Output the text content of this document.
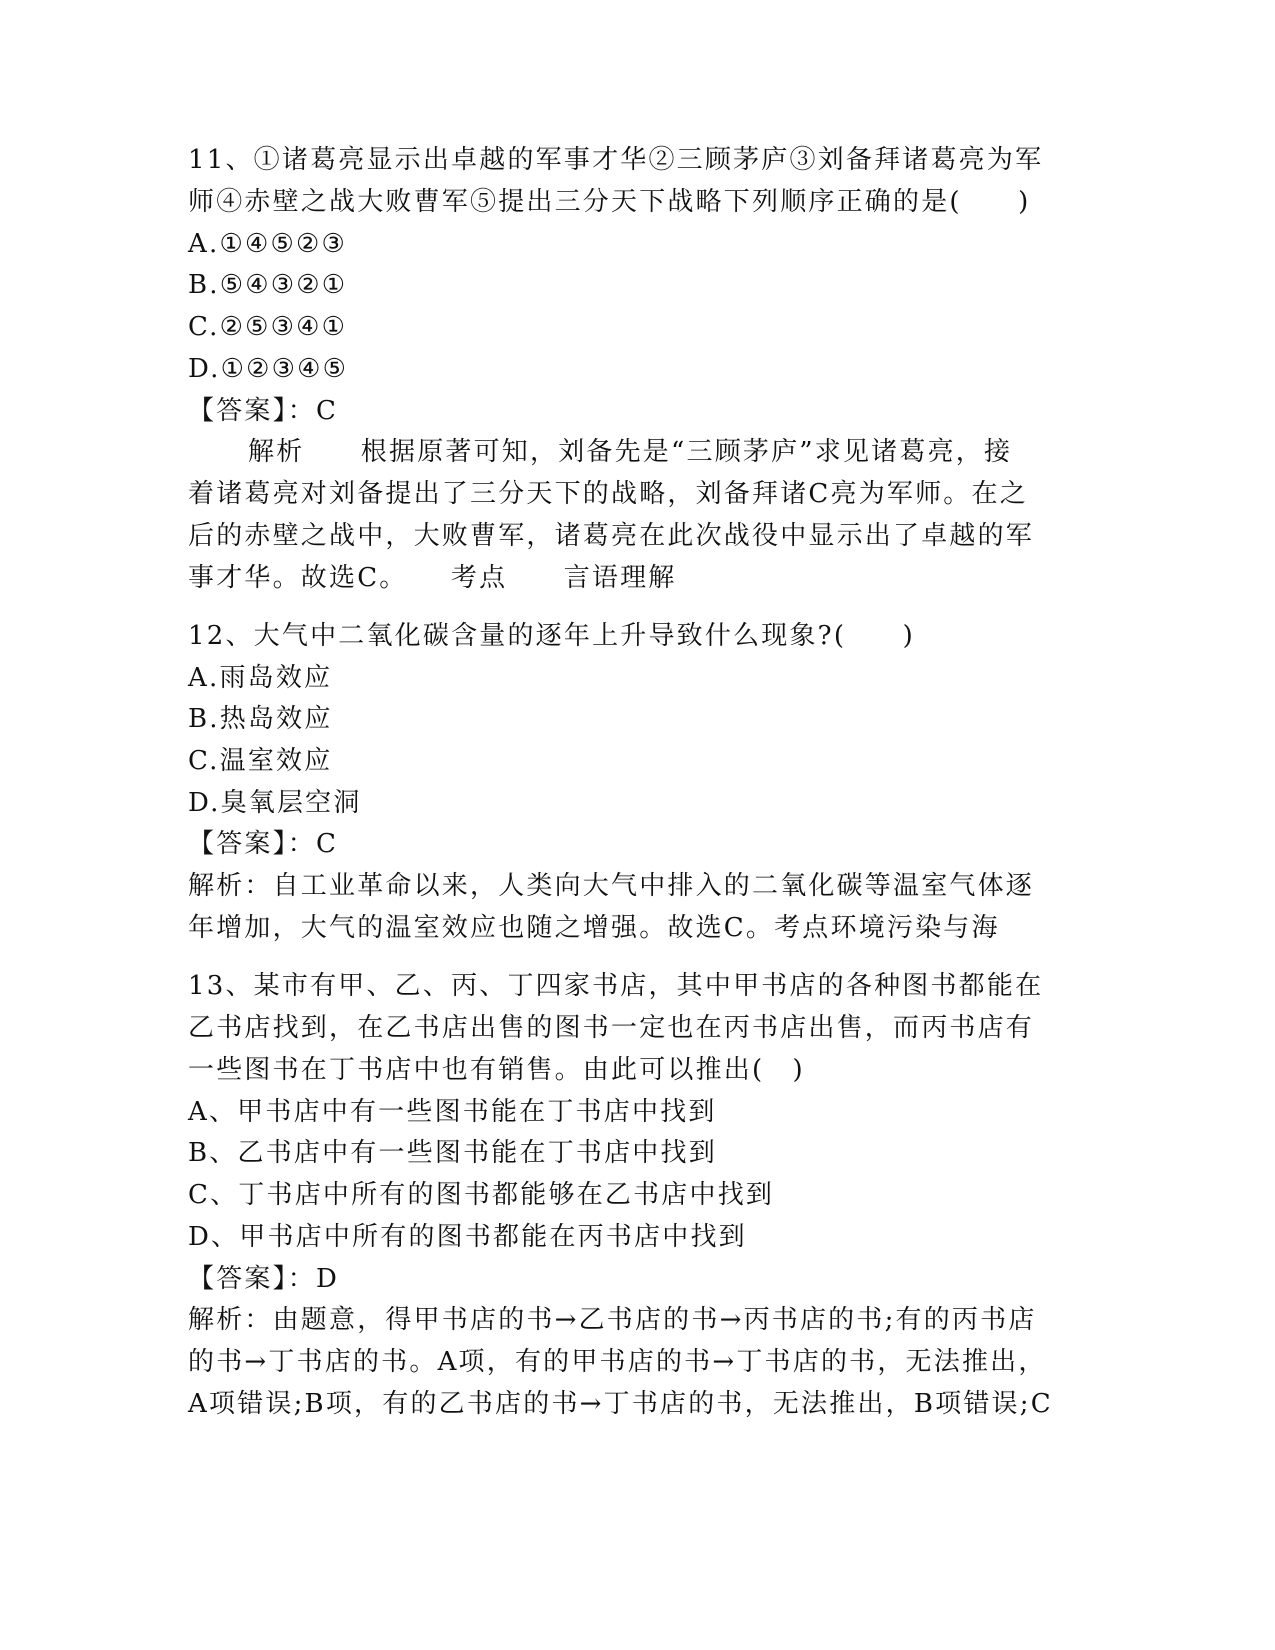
11、①诸葛亮显示出卓越的军事才华②三顾茅庐③刘备拜诸葛亮为军
师④赤壁之战大败曹军⑤提出三分天下战略下列顺序正确的是(　　)
A.①④⑤②③
B.⑤④③②①
C.②⑤③④①
D.①②③④⑤
【答案】：C
解析　　根据原著可知，刘备先是“三顾茅庐”求见诸葛亮，接
着诸葛亮对刘备提出了三分天下的战略，刘备拜诸C亮为军师。在之
后的赤壁之战中，大败曹军，诸葛亮在此次战役中显示出了卓越的军
事才华。故选C。　　考点　　言语理解
12、大气中二氧化碳含量的逐年上升导致什么现象?(　　)
A.雨岛效应
B.热岛效应
C.温室效应
D.臭氧层空洞
【答案】：C
解析：自工业革命以来，人类向大气中排入的二氧化碳等温室气体逐
年增加，大气的温室效应也随之增强。故选C。考点环境污染与海
13、某市有甲、乙、丙、丁四家书店，其中甲书店的各种图书都能在
乙书店找到，在乙书店出售的图书一定也在丙书店出售，而丙书店有
一些图书在丁书店中也有销售。由此可以推出(　)
A、甲书店中有一些图书能在丁书店中找到
B、乙书店中有一些图书能在丁书店中找到
C、丁书店中所有的图书都能够在乙书店中找到
D、甲书店中所有的图书都能在丙书店中找到
【答案】：D
解析：由题意，得甲书店的书→乙书店的书→丙书店的书;有的丙书店
的书→丁书店的书。A项，有的甲书店的书→丁书店的书，无法推出，
A项错误;B项，有的乙书店的书→丁书店的书，无法推出，B项错误;C
